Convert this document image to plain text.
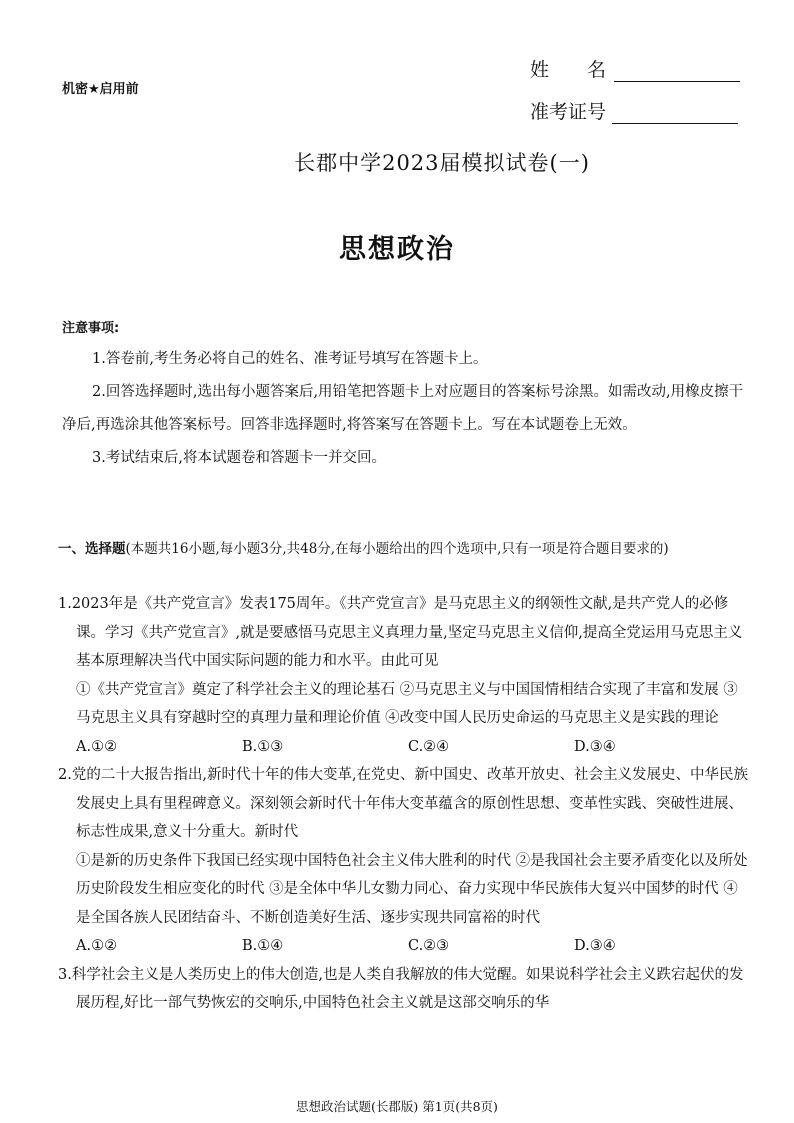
机密★启用前
姓名
准考证号
长郡中学2023届模拟试卷(一)
思想政治
注意事项:

1.答卷前,考生务必将自己的姓名、准考证号填写在答题卡上。

2.回答选择题时,选出每小题答案后,用铅笔把答题卡上对应题目的答案标号涂黑。如需改动,用橡皮擦干净后,再选涂其他答案标号。回答非选择题时,将答案写在答题卡上。写在本试题卷上无效。

3.考试结束后,将本试题卷和答题卡一并交回。

一、选择题(本题共16小题,每小题3分,共48分,在每小题给出的四个选项中,只有一项是符合题目要求的)
1.2023年是《共产党宣言》发表175周年。《共产党宣言》是马克思主义的纲领性文献,是共产党人的必修课。学习《共产党宣言》,就是要感悟马克思主义真理力量,坚定马克思主义信仰,提高全党运用马克思主义基本原理解决当代中国实际问题的能力和水平。由此可见
①《共产党宣言》奠定了科学社会主义的理论基石 ②马克思主义与中国国情相结合实现了丰富和发展 ③马克思主义具有穿越时空的真理力量和理论价值 ④改变中国人民历史命运的马克思主义是实践的理论
A.①②	B.①③	C.②④	D.③④
2.党的二十大报告指出,新时代十年的伟大变革,在党史、新中国史、改革开放史、社会主义发展史、中华民族发展史上具有里程碑意义。深刻领会新时代十年伟大变革蕴含的原创性思想、变革性实践、突破性进展、标志性成果,意义十分重大。新时代
①是新的历史条件下我国已经实现中国特色社会主义伟大胜利的时代 ②是我国社会主要矛盾变化以及所处历史阶段发生相应变化的时代 ③是全体中华儿女勠力同心、奋力实现中华民族伟大复兴中国梦的时代 ④是全国各族人民团结奋斗、不断创造美好生活、逐步实现共同富裕的时代
A.①②	B.①④	C.②③	D.③④
3.科学社会主义是人类历史上的伟大创造,也是人类自我解放的伟大觉醒。如果说科学社会主义跌宕起伏的发展历程,好比一部气势恢宏的交响乐,中国特色社会主义就是这部交响乐的华
思想政治试题(长郡版) 第1页(共8页)
